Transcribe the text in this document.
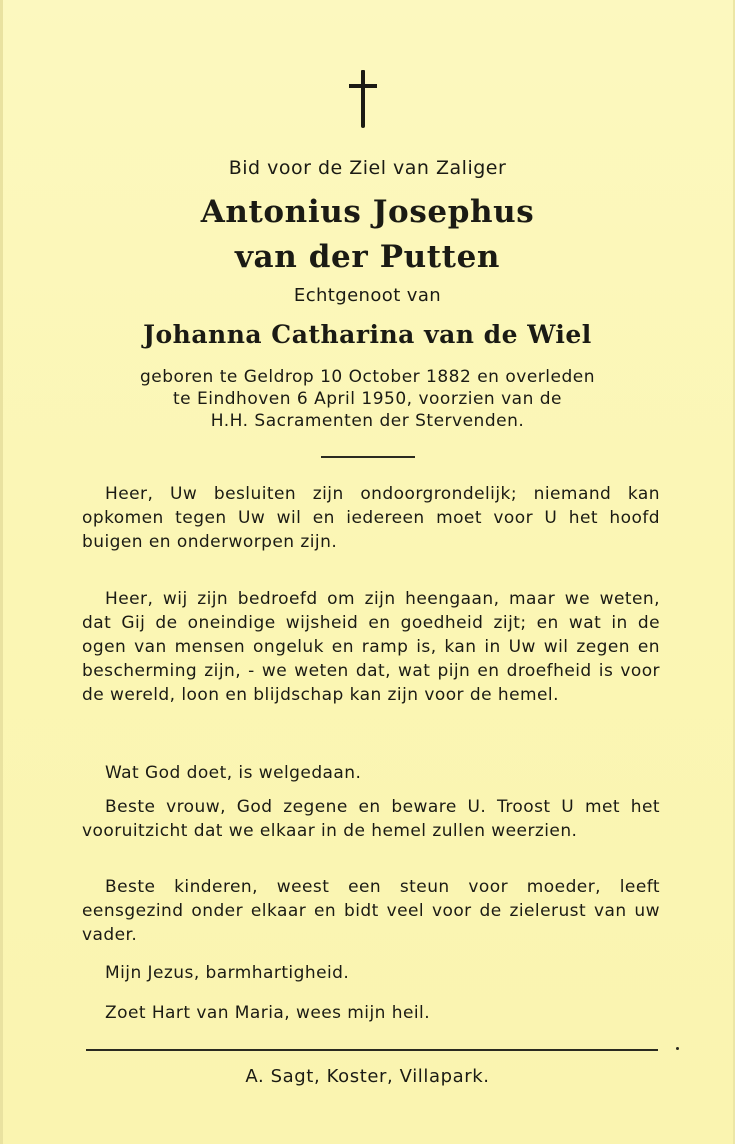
Bid voor de Ziel van Zaliger
Antonius Josephus
van der Putten
Echtgenoot van
Johanna Catharina van de Wiel
geboren te Geldrop 10 October 1882 en overleden
te Eindhoven 6 April 1950, voorzien van de
H.H. Sacramenten der Stervenden.

Heer, Uw besluiten zijn ondoorgrondelijk; niemand kan opkomen tegen Uw wil en iedereen moet voor U het hoofd buigen en onderworpen zijn.

Heer, wij zijn bedroefd om zijn heengaan, maar we weten, dat Gij de oneindige wijsheid en goedheid zijt; en wat in de ogen van mensen ongeluk en ramp is, kan in Uw wil zegen en bescherming zijn, - we weten dat, wat pijn en droefheid is voor de wereld, loon en blijdschap kan zijn voor de hemel.

Wat God doet, is welgedaan.

Beste vrouw, God zegene en beware U. Troost U met het vooruitzicht dat we elkaar in de hemel zullen weerzien.

Beste kinderen, weest een steun voor moeder, leeft eensgezind onder elkaar en bidt veel voor de zielerust van uw vader.

Mijn Jezus, barmhartigheid.

Zoet Hart van Maria, wees mijn heil.

A. Sagt, Koster, Villapark.
